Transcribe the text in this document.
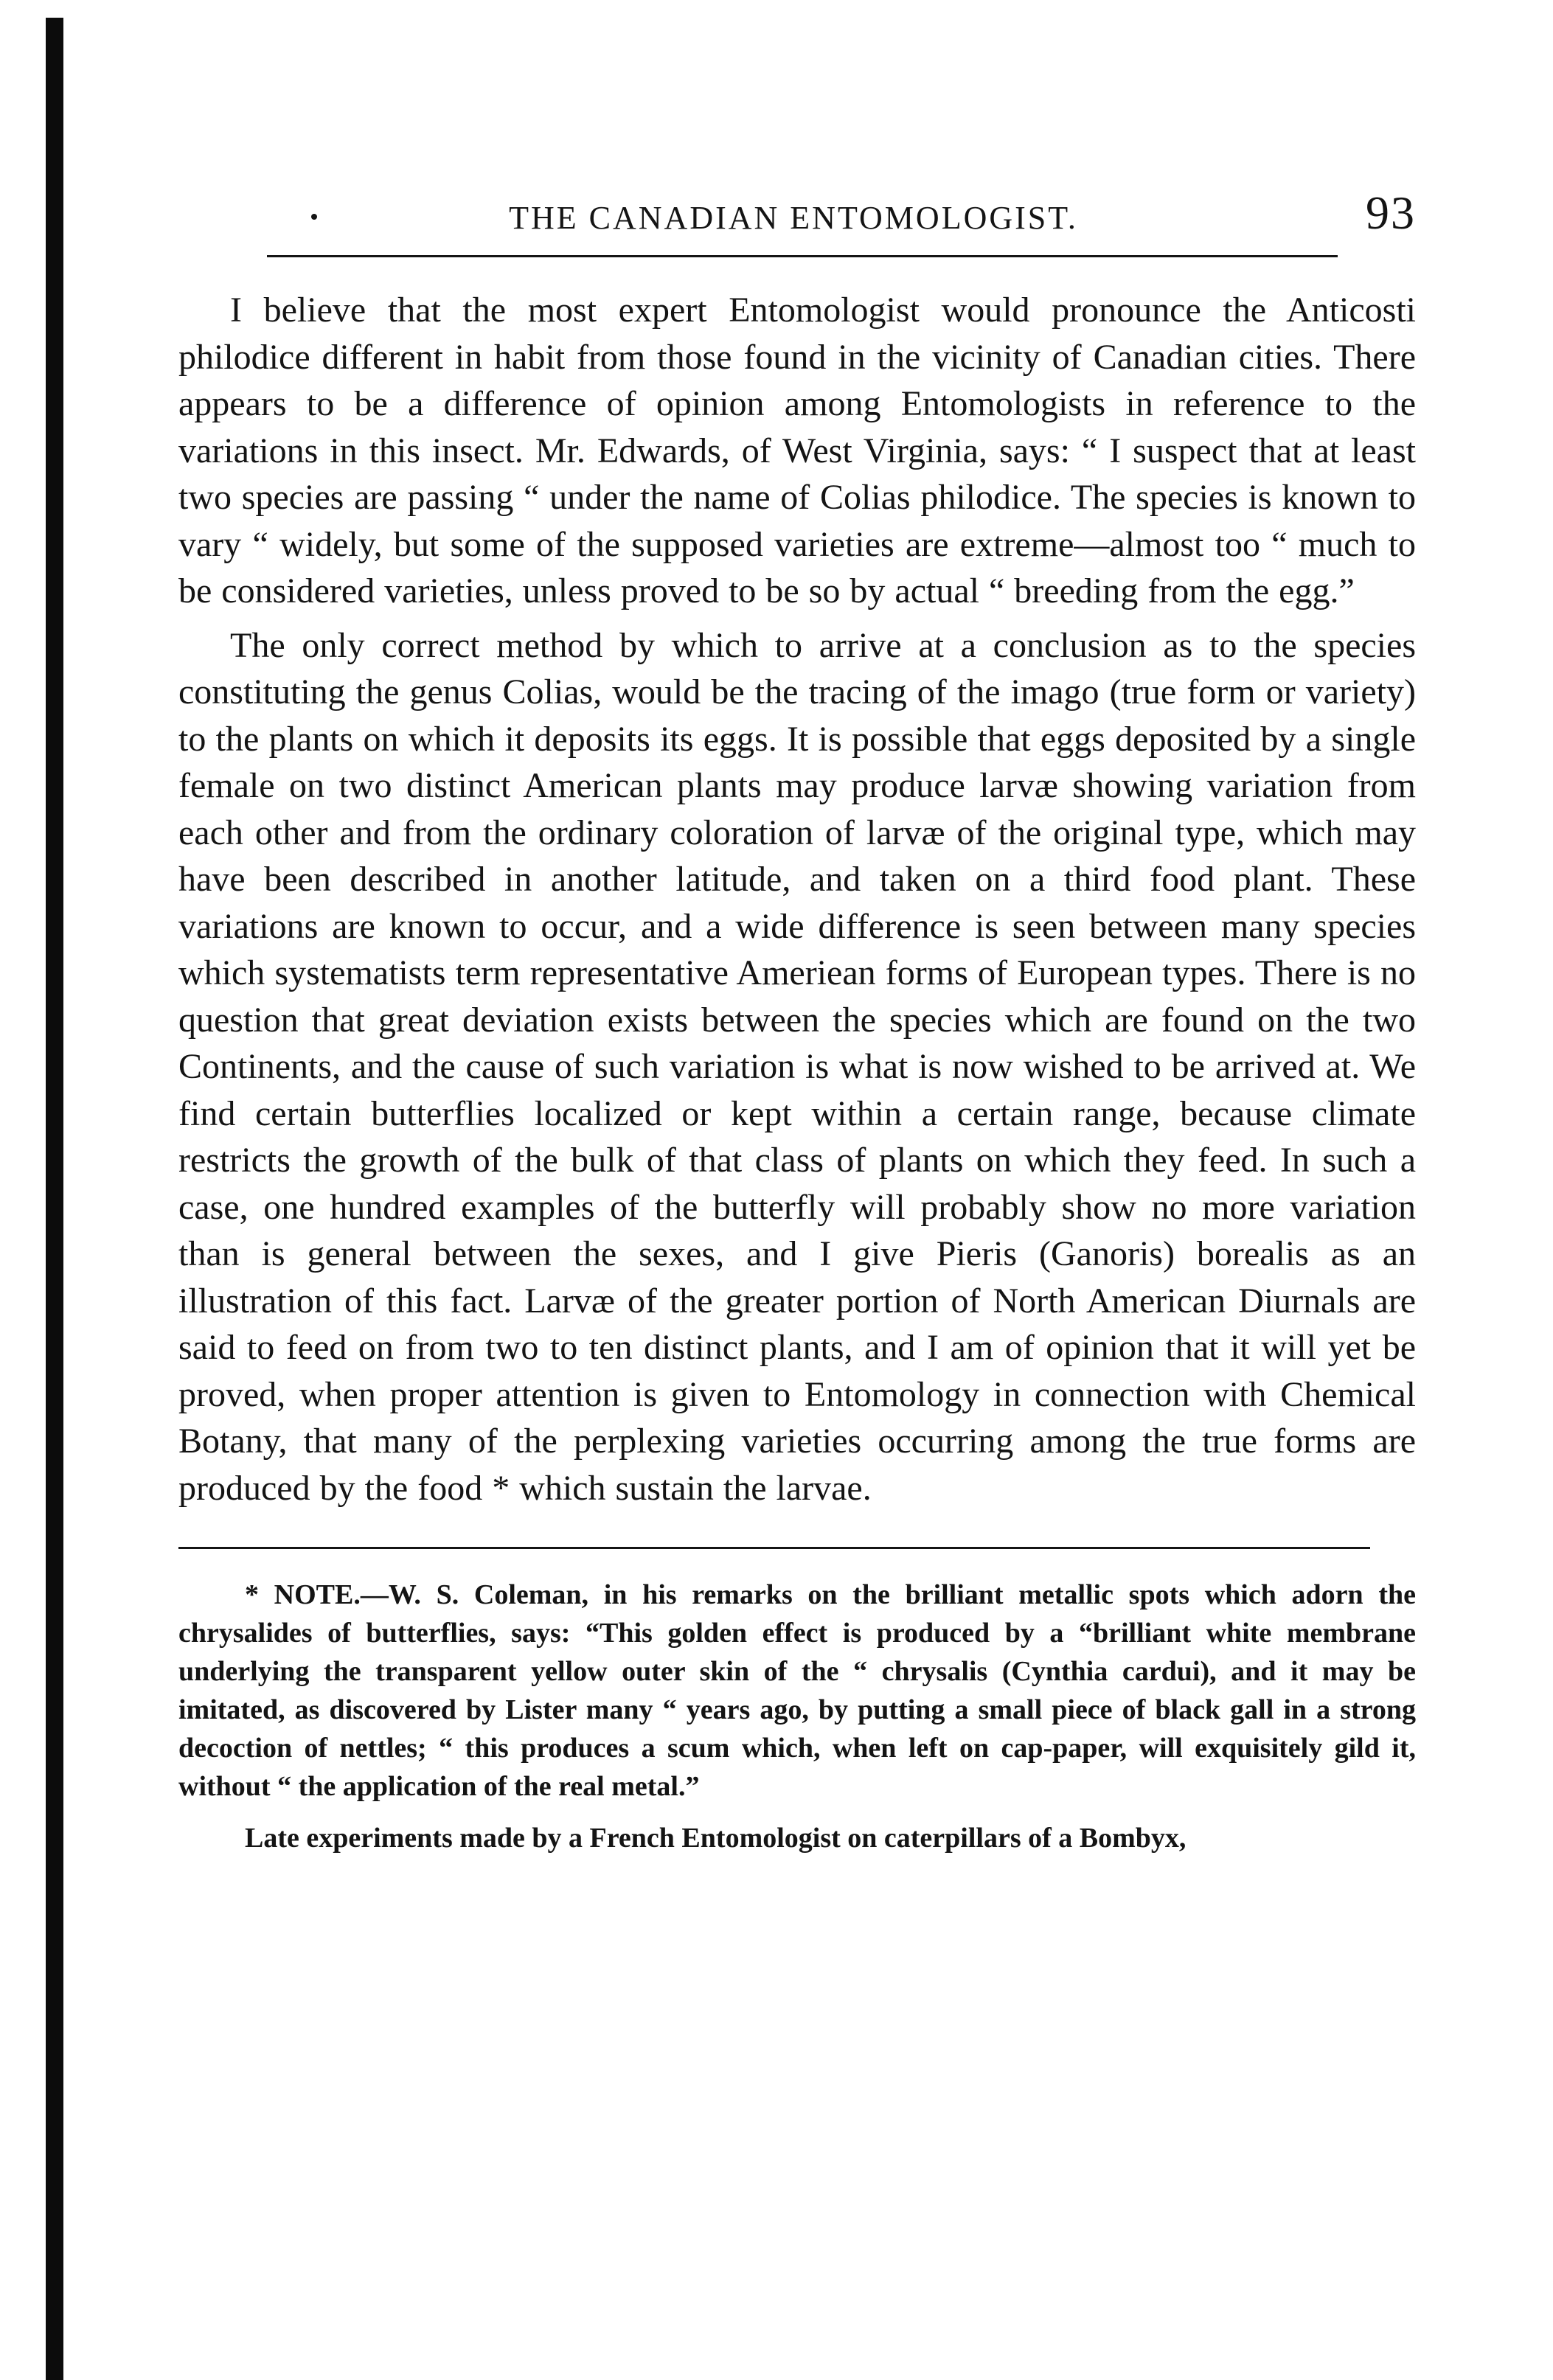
THE CANADIAN ENTOMOLOGIST.	93

I believe that the most expert Entomologist would pronounce the Anticosti philodice different in habit from those found in the vicinity of Canadian cities. There appears to be a difference of opinion among Entomologists in reference to the variations in this insect. Mr. Edwards, of West Virginia, says: “ I suspect that at least two species are passing “ under the name of Colias philodice. The species is known to vary “ widely, but some of the supposed varieties are extreme—almost too “ much to be considered varieties, unless proved to be so by actual “ breeding from the egg.”

The only correct method by which to arrive at a conclusion as to the species constituting the genus Colias, would be the tracing of the imago (true form or variety) to the plants on which it deposits its eggs. It is possible that eggs deposited by a single female on two distinct American plants may produce larvæ showing variation from each other and from the ordinary coloration of larvæ of the original type, which may have been described in another latitude, and taken on a third food plant. These variations are known to occur, and a wide difference is seen between many species which systematists term representative Ameriean forms of European types. There is no question that great deviation exists between the species which are found on the two Continents, and the cause of such variation is what is now wished to be arrived at. We find certain butterflies localized or kept within a certain range, because climate restricts the growth of the bulk of that class of plants on which they feed. In such a case, one hundred examples of the butterfly will probably show no more variation than is general between the sexes, and I give Pieris (Ganoris) borealis as an illustration of this fact. Larvæ of the greater portion of North American Diurnals are said to feed on from two to ten distinct plants, and I am of opinion that it will yet be proved, when proper attention is given to Entomology in connection with Chemical Botany, that many of the perplexing varieties occurring among the true forms are produced by the food * which sustain the larvae.

* NOTE.—W. S. Coleman, in his remarks on the brilliant metallic spots which adorn the chrysalides of butterflies, says: “This golden effect is produced by a “brilliant white membrane underlying the transparent yellow outer skin of the “ chrysalis (Cynthia cardui), and it may be imitated, as discovered by Lister many “ years ago, by putting a small piece of black gall in a strong decoction of nettles; “ this produces a scum which, when left on cap-paper, will exquisitely gild it, without “ the application of the real metal.”

Late experiments made by a French Entomologist on caterpillars of a Bombyx,
